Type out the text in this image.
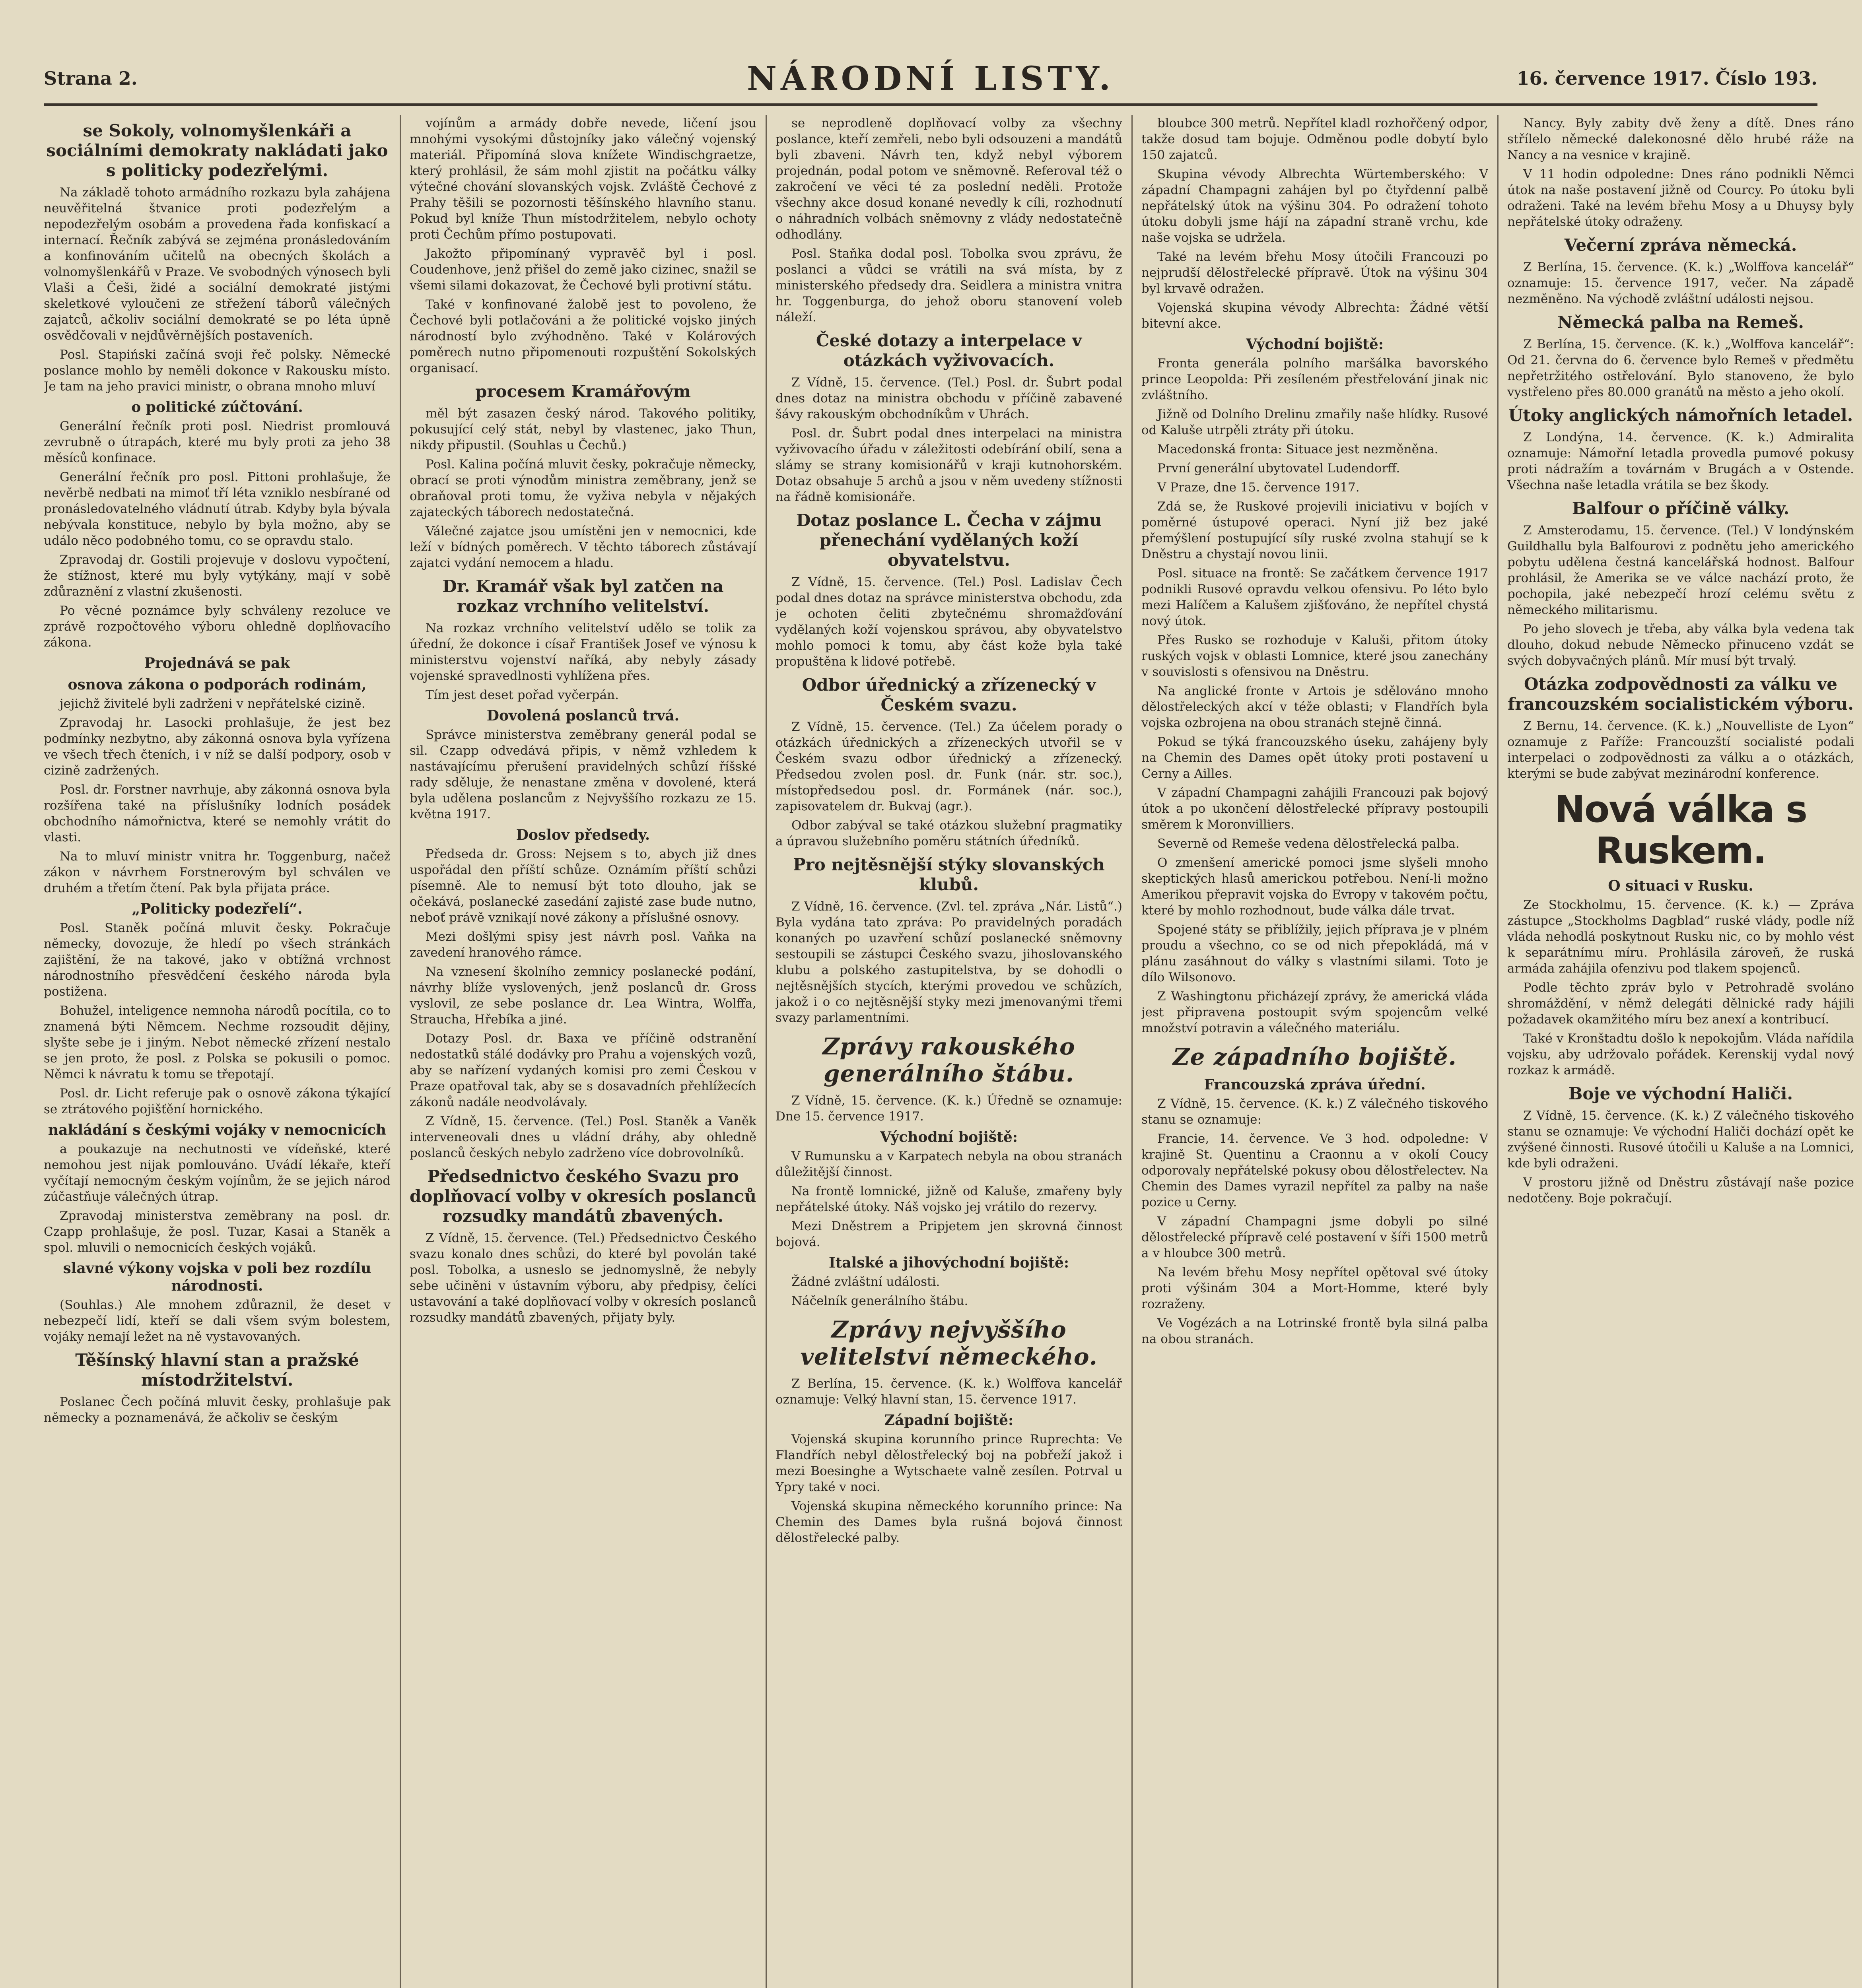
Strana 2.	NÁRODNÍ LISTY.	16. července 1917. Číslo 193.
se Sokoly, volnomyšlenkáři a sociálními demokraty nakládati jako s politicky podezřelými.

Na základě tohoto armádního rozkazu byla zahájena neuvěřitelná štvanice proti podezřelým a nepodezřelým osobám a provedena řada konfiskací a internací. Řečník zabývá se zejména pronásledováním a konfinováním učitelů na obecných školách a volnomyšlenkářů v Praze. Ve svobodných výnosech byli Vlaši a Češi, židé a sociální demokraté jistými skeletkové vyloučeni ze střežení táborů válečných zajatců, ačkoliv sociální demokraté se po léta úpně osvědčovali v nejdůvěrnějších postaveních.

Posl. Stapiński začíná svoji řeč polsky. Německé poslance mohlo by neměli dokonce v Rakousku místo. Je tam na jeho pravici ministr, o obrana mnoho mluví

o politické zúčtování.

Generální řečník proti posl. Niedrist promlouvá zevrubně o útrapách, které mu byly proti za jeho 38 měsíců konfinace.

Generální řečník pro posl. Pittoni prohlašuje, že nevěrbě nedbati na mimoť tří léta vzniklo nesbírané od pronásledovatelného vládnutí útrab. Kdyby byla bývala nebývala konstituce, nebylo by byla možno, aby se událo něco podobného tomu, co se opravdu stalo.

Zpravodaj dr. Gostili projevuje v doslovu vypočtení, že stížnost, které mu byly vytýkány, mají v sobě zdůraznění z vlastní zkušenosti.

Po věcné poznámce byly schváleny rezoluce ve zprávě rozpočtového výboru ohledně doplňovacího zákona.

Projednává se pak
osnova zákona o podporách rodinám,

jejichž živitelé byli zadrženi v nepřátelské cizině.

Zpravodaj hr. Lasocki prohlašuje, že jest bez podmínky nezbytno, aby zákonná osnova byla vyřízena ve všech třech čteních, i v níž se další podpory, osob v cizině zadržených.

Posl. dr. Forstner navrhuje, aby zákonná osnova byla rozšířena také na příslušníky lodních posádek obchodního námořnictva, které se nemohly vrátit do vlasti.

Na to mluví ministr vnitra hr. Toggenburg, načež zákon v návrhem Forstnerovým byl schválen ve druhém a třetím čtení. Pak byla přijata práce.

„Politicky podezřelí“.

Posl. Staněk počíná mluvit česky. Pokračuje německy, dovozuje, že hledí po všech stránkách zajištění, že na takové, jako v obtížná vrchnost národnostního přesvědčení českého národa byla postižena.

Bohužel, inteligence nemnoha národů pocítila, co to znamená býti Němcem. Nechme rozsoudit dějiny, slyšte sebe je i jiným. Nebot německé zřízení nestalo se jen proto, že posl. z Polska se pokusili o pomoc. Němci k návratu k tomu se třepotají.

Posl. dr. Licht referuje pak o osnově zákona týkající se ztrátového pojišťění hornického.

nakládání s českými vojáky v nemocnicích

a poukazuje na nechutnosti ve vídeňské, které nemohou jest nijak pomlouváno. Uvádí lékaře, kteří vyčítají nemocným českým vojínům, že se jejich národ zúčastňuje válečných útrap.

Zpravodaj ministerstva zeměbrany na posl. dr. Czapp prohlašuje, že posl. Tuzar, Kasai a Staněk a spol. mluvili o nemocnicích českých vojáků.

slavné výkony vojska v poli bez rozdílu národnosti.

(Souhlas.) Ale mnohem zdůraznil, že deset v nebezpečí lidí, kteří se dali všem svým bolestem, vojáky nemají ležet na ně vystavovaných.

Těšínský hlavní stan a pražské místodržitelství.

Poslanec Čech počíná mluvit česky, prohlašuje pak německy a poznamenává, že ačkoliv se českým

vojínům a armády dobře nevede, ličení jsou mnohými vysokými důstojníky jako válečný vojenský materiál. Připomíná slova knížete Windischgraetze, který prohlásil, že sám mohl zjistit na počátku války výtečné chování slovanských vojsk. Zvláště Čechové z Prahy těšili se pozornosti těšínského hlavního stanu. Pokud byl kníže Thun místodržitelem, nebylo ochoty proti Čechům přímo postupovati.

Jakožto připomínaný vypravěč byl i posl. Coudenhove, jenž přišel do země jako cizinec, snažil se všemi silami dokazovat, že Čechové byli protivní státu.

Také v konfinované žalobě jest to povoleno, že Čechové byli potlačováni a že politické vojsko jiných národností bylo zvýhodněno. Také v Kolárových poměrech nutno připomenouti rozpuštění Sokolských organisací.

procesem Kramářovým

měl být zasazen český národ. Takového politiky, pokusující celý stát, nebyl by vlastenec, jako Thun, nikdy připustil. (Souhlas u Čechů.)

Posl. Kalina počíná mluvit česky, pokračuje německy, obrací se proti výnodům ministra zeměbrany, jenž se obraňoval proti tomu, že vyživa nebyla v nějakých zajateckých táborech nedostatečná.

Válečné zajatce jsou umístěni jen v nemocnici, kde leží v bídných poměrech. V těchto táborech zůstávají zajatci vydání nemocem a hladu.

Dr. Kramář však byl zatčen na rozkaz vrchního velitelství.

Na rozkaz vrchního velitelství udělo se tolik za úřední, že dokonce i císař František Josef ve výnosu k ministerstvu vojenství naříká, aby nebyly zásady vojenské spravedlnosti vyhlížena přes.

Tím jest deset pořad vyčerpán.

Dovolená poslanců trvá.

Správce ministerstva zeměbrany generál podal se sil. Czapp odvedává připis, v němž vzhledem k nastávajícímu přerušení pravidelných schůzí říšské rady sděluje, že nenastane změna v dovolené, která byla udělena poslancům z Nejvyššího rozkazu ze 15. května 1917.

Doslov předsedy.

Předseda dr. Gross: Nejsem s to, abych již dnes uspořádal den příští schůze. Oznámím příští schůzi písemně. Ale to nemusí být toto dlouho, jak se očekává, poslanecké zasedání zajisté zase bude nutno, neboť právě vznikají nové zákony a příslušné osnovy.

Mezi došlými spisy jest návrh posl. Vaňka na zavedení hranového rámce.

Na vznesení školního zemnicy poslanecké podání, návrhy blíže vyslovených, jenž poslanců dr. Gross vyslovil, ze sebe poslance dr. Lea Wintra, Wolffa, Straucha, Hřebíka a jiné.

Dotazy Posl. dr. Baxa ve příčině odstranění nedostatků stálé dodávky pro Prahu a vojenských vozů, aby se nařízení vydaných komisi pro zemi Českou v Praze opatřoval tak, aby se s dosavadních přehlížecích zákonů nadále neodvolávaly.

Z Vídně, 15. července. (Tel.) Posl. Staněk a Vaněk interveneovali dnes u vládní dráhy, aby ohledně poslanců českých nebylo zadrženo více dobrovolníků.

Předsednictvo českého Svazu pro doplňovací volby v okresích poslanců rozsudky mandátů zbavených.

Z Vídně, 15. července. (Tel.) Předsednictvo Českého svazu konalo dnes schůzi, do které byl povolán také posl. Tobolka, a usneslo se jednomyslně, že nebyly sebe učiněni v ústavním výboru, aby předpisy, čelíci ustavování a také doplňovací volby v okresích poslanců rozsudky mandátů zbavených, přijaty byly.

se neprodleně doplňovací volby za všechny poslance, kteří zemřeli, nebo byli odsouzeni a mandátů byli zbaveni. Návrh ten, když nebyl výborem projednán, podal potom ve sněmovně. Referoval též o zakročení ve věci té za poslední neděli. Protože všechny akce dosud konané nevedly k cíli, rozhodnutí o náhradních volbách sněmovny z vlády nedostatečně odhodlány.

Posl. Staňka dodal posl. Tobolka svou zprávu, že poslanci a vůdci se vrátili na svá místa, by z ministerského předsedy dra. Seidlera a ministra vnitra hr. Toggenburga, do jehož oboru stanovení voleb náleží.

České dotazy a interpelace v otázkách vyživovacích.

Z Vídně, 15. července. (Tel.) Posl. dr. Šubrt podal dnes dotaz na ministra obchodu v příčině zabavené šávy rakouským obchodníkům v Uhrách.

Posl. dr. Šubrt podal dnes interpelaci na ministra vyživovacího úřadu v záležitosti odebírání obilí, sena a slámy se strany komisionářů v kraji kutnohorském. Dotaz obsahuje 5 archů a jsou v něm uvedeny stížnosti na řádně komisionáře.

Dotaz poslance L. Čecha v zájmu přenechání vydělaných koží obyvatelstvu.

Z Vídně, 15. července. (Tel.) Posl. Ladislav Čech podal dnes dotaz na správce ministerstva obchodu, zda je ochoten čeliti zbytečnému shromažďování vydělaných koží vojenskou správou, aby obyvatelstvo mohlo pomoci k tomu, aby část kože byla také propuštěna k lidové potřebě.

Odbor úřednický a zřízenecký v Českém svazu.

Z Vídně, 15. července. (Tel.) Za účelem porady o otázkách úřednických a zřízeneckých utvořil se v Českém svazu odbor úřednický a zřízenecký. Předsedou zvolen posl. dr. Funk (nár. str. soc.), místopředsedou posl. dr. Formánek (nár. soc.), zapisovatelem dr. Bukvaj (agr.).

Odbor zabýval se také otázkou služební pragmatiky a úpravou služebního poměru státních úředníků.

Pro nejtěsnější stýky slovanských klubů.

Z Vídně, 16. července. (Zvl. tel. zpráva „Nár. Listů“.) Byla vydána tato zpráva: Po pravidelných poradách konaných po uzavření schůzí poslanecké sněmovny sestoupili se zástupci Českého svazu, jihoslovanského klubu a polského zastupitelstva, by se dohodli o nejtěsnějších stycích, kterými provedou ve schůzích, jakož i o co nejtěsnější styky mezi jmenovanými třemi svazy parlamentními.

Zprávy rakouského generálního štábu.

Z Vídně, 15. července. (K. k.) Úředně se oznamuje: Dne 15. července 1917.

Východní bojiště:

V Rumunsku a v Karpatech nebyla na obou stranách důležitější činnost.

Na frontě lomnické, jižně od Kaluše, zmařeny byly nepřátelské útoky. Náš vojsko jej vrátilo do rezervy.

Mezi Dněstrem a Pripjetem jen skrovná činnost bojová.

Italské a jihovýchodní bojiště:

Žádné zvláštní události.

Náčelník generálního štábu.

Zprávy nejvyššího velitelství německého.

Z Berlína, 15. července. (K. k.) Wolffova kancelář oznamuje: Velký hlavní stan, 15. července 1917.

Západní bojiště:

Vojenská skupina korunního prince Ruprechta: Ve Flandřích nebyl dělostřelecký boj na pobřeží jakož i mezi Boesinghe a Wytschaete valně zesílen. Potrval u Ypry také v noci.

Vojenská skupina německého korunního prince: Na Chemin des Dames byla rušná bojová činnost dělostřelecké palby.

bloubce 300 metrů. Nepřítel kladl rozhořčený odpor, takže dosud tam bojuje. Odměnou podle dobytí bylo 150 zajatců.

Skupina vévody Albrechta Würtemberského: V západní Champagni zahájen byl po čtyřdenní palbě nepřátelský útok na výšinu 304. Po odražení tohoto útoku dobyli jsme hájí na západní straně vrchu, kde naše vojska se udržela.

Také na levém břehu Mosy útočili Francouzi po nejprudší dělostřelecké přípravě. Útok na výšinu 304 byl krvavě odražen.

Vojenská skupina vévody Albrechta: Žádné větší bitevní akce.

Východní bojiště:

Fronta generála polního maršálka bavorského prince Leopolda: Při zesíleném přestřelování jinak nic zvláštního.

Jižně od Dolního Drelinu zmařily naše hlídky. Rusové od Kaluše utrpěli ztráty při útoku.

Macedonská fronta: Situace jest nezměněna.

První generální ubytovatel Ludendorff.

V Praze, dne 15. července 1917.

Zdá se, že Ruskové projevili iniciativu v bojích v poměrné ústupové operaci. Nyní již bez jaké přemýšlení postupující síly ruské zvolna stahují se k Dněstru a chystají novou linii.

Posl. situace na frontě: Se začátkem července 1917 podnikli Rusové opravdu velkou ofensivu. Po léto bylo mezi Halíčem a Kalušem zjišťováno, že nepřítel chystá nový útok.

Přes Rusko se rozhoduje v Kaluši, přitom útoky ruských vojsk v oblasti Lomnice, které jsou zanechány v souvislosti s ofensivou na Dněstru.

Na anglické fronte v Artois je sdělováno mnoho dělostřeleckých akcí v téže oblasti; v Flandřích byla vojska ozbrojena na obou stranách stejně činná.

Pokud se týká francouzského úseku, zahájeny byly na Chemin des Dames opět útoky proti postavení u Cerny a Ailles.

V západní Champagni zahájili Francouzi pak bojový útok a po ukončení dělostřelecké přípravy postoupili směrem k Moronvilliers.

Severně od Remeše vedena dělostřelecká palba.

O zmenšení americké pomoci jsme slyšeli mnoho skeptických hlasů americkou potřebou. Není-li možno Amerikou přepravit vojska do Evropy v takovém počtu, které by mohlo rozhodnout, bude válka dále trvat.

Spojené státy se přiblížily, jejich příprava je v plném proudu a všechno, co se od nich přepokládá, má v plánu zasáhnout do války s vlastními silami. Toto je dílo Wilsonovo.

Z Washingtonu přicházejí zprávy, že americká vláda jest připravena postoupit svým spojencům velké množství potravin a válečného materiálu.

Ze západního bojiště.
Francouzská zpráva úřední.

Z Vídně, 15. července. (K. k.) Z válečného tiskového stanu se oznamuje:

Francie, 14. července. Ve 3 hod. odpoledne: V krajině St. Quentinu a Craonnu a v okolí Coucy odporovaly nepřátelské pokusy obou dělostřelectev. Na Chemin des Dames vyrazil nepřítel za palby na naše pozice u Cerny.

V západní Champagni jsme dobyli po silné dělostřelecké přípravě celé postavení v šíři 1500 metrů a v hloubce 300 metrů.

Na levém břehu Mosy nepřítel opětoval své útoky proti výšinám 304 a Mort-Homme, které byly rozraženy.

Ve Vogézách a na Lotrinské frontě byla silná palba na obou stranách.

Nancy. Byly zabity dvě ženy a dítě. Dnes ráno střílelo německé dalekonosné dělo hrubé ráže na Nancy a na vesnice v krajině.

V 11 hodin odpoledne: Dnes ráno podnikli Němci útok na naše postavení jižně od Courcy. Po útoku byli odraženi. Také na levém břehu Mosy a u Dhuysy byly nepřátelské útoky odraženy.

Večerní zpráva německá.

Z Berlína, 15. července. (K. k.) „Wolffova kancelář“ oznamuje: 15. července 1917, večer. Na západě nezměněno. Na východě zvláštní události nejsou.

Německá palba na Remeš.

Z Berlína, 15. července. (K. k.) „Wolffova kancelář“: Od 21. června do 6. července bylo Remeš v předmětu nepřetržitého ostřelování. Bylo stanoveno, že bylo vystřeleno přes 80.000 granátů na město a jeho okolí.

Útoky anglických námořních letadel.

Z Londýna, 14. července. (K. k.) Admiralita oznamuje: Námořní letadla provedla pumové pokusy proti nádražím a továrnám v Brugách a v Ostende. Všechna naše letadla vrátila se bez škody.

Balfour o příčině války.

Z Amsterodamu, 15. července. (Tel.) V londýnském Guildhallu byla Balfourovi z podnětu jeho amerického pobytu udělena čestná kancelářská hodnost. Balfour prohlásil, že Amerika se ve válce nachází proto, že pochopila, jaké nebezpečí hrozí celému světu z německého militarismu.

Po jeho slovech je třeba, aby válka byla vedena tak dlouho, dokud nebude Německo přinuceno vzdát se svých dobyvačných plánů. Mír musí být trvalý.

Otázka zodpovědnosti za válku ve francouzském socialistickém výboru.

Z Bernu, 14. července. (K. k.) „Nouvelliste de Lyon“ oznamuje z Paříže: Francouzští socialisté podali interpelaci o zodpovědnosti za válku a o otázkách, kterými se bude zabývat mezinárodní konference.

Nová válka s Ruskem.
O situaci v Rusku.

Ze Stockholmu, 15. července. (K. k.) — Zpráva zástupce „Stockholms Dagblad“ ruské vlády, podle níž vláda nehodlá poskytnout Rusku nic, co by mohlo vést k separátnímu míru. Prohlásila zároveň, že ruská armáda zahájila ofenzivu pod tlakem spojenců.

Podle těchto zpráv bylo v Petrohradě svoláno shromáždění, v němž delegáti dělnické rady hájili požadavek okamžitého míru bez anexí a kontribucí.

Také v Kronštadtu došlo k nepokojům. Vláda nařídila vojsku, aby udržovalo pořádek. Kerenskij vydal nový rozkaz k armádě.

Boje ve východní Haliči.

Z Vídně, 15. července. (K. k.) Z válečného tiskového stanu se oznamuje: Ve východní Haliči dochází opět ke zvýšené činnosti. Rusové útočili u Kaluše a na Lomnici, kde byli odraženi.

V prostoru jižně od Dněstru zůstávají naše pozice nedotčeny. Boje pokračují.
